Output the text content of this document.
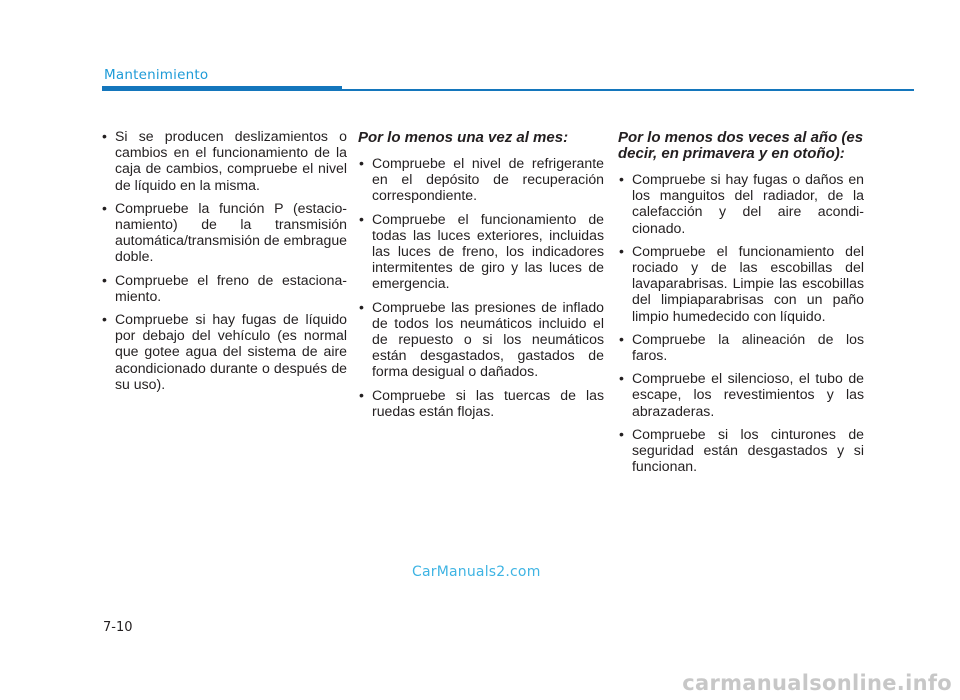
Mantenimiento
• Si se producen deslizamientos o cambios en el funcionamiento de la caja de cambios, compruebe el nivel de líquido en la misma.
• Compruebe la función P (estacio-namiento) de la transmisión automática/transmisión de embrague doble.
• Compruebe el freno de estaciona-miento.
• Compruebe si hay fugas de líquido por debajo del vehículo (es normal que gotee agua del sistema de aire acondicionado durante o después de su uso).
Por lo menos una vez al mes:
• Compruebe el nivel de refrigerante en el depósito de recuperación correspondiente.
• Compruebe el funcionamiento de todas las luces exteriores, incluidas las luces de freno, los indicadores intermitentes de giro y las luces de emergencia.
• Compruebe las presiones de inflado de todos los neumáticos incluido el de repuesto o si los neumáticos están desgastados, gastados de forma desigual o dañados.
• Compruebe si las tuercas de las ruedas están flojas.
Por lo menos dos veces al año (es decir, en primavera y en otoño):
• Compruebe si hay fugas o daños en los manguitos del radiador, de la calefacción y del aire acondi-cionado.
• Compruebe el funcionamiento del rociado y de las escobillas del lavaparabrisas. Limpie las escobillas del limpiaparabrisas con un paño limpio humedecido con líquido.
• Compruebe la alineación de los faros.
• Compruebe el silencioso, el tubo de escape, los revestimientos y las abrazaderas.
• Compruebe si los cinturones de seguridad están desgastados y si funcionan.
CarManuals2.com
7-10
carmanualsonline.info
